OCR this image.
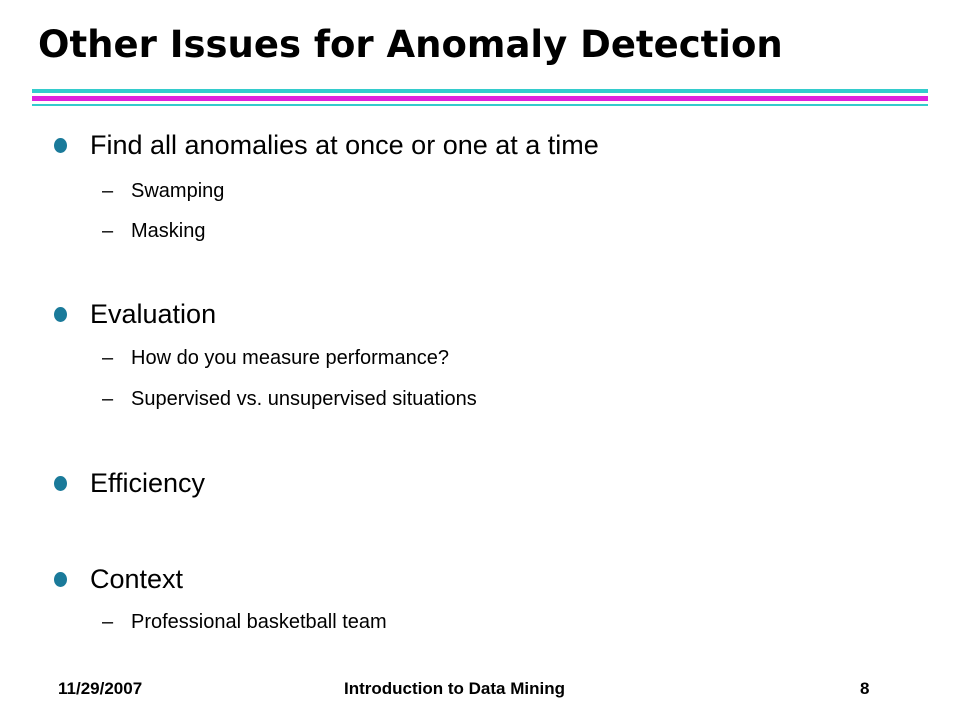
Other Issues for Anomaly Detection
Find all anomalies at once or one at a time
– Swamping
– Masking
Evaluation
– How do you measure performance?
– Supervised vs. unsupervised situations
Efficiency
Context
– Professional basketball team
11/29/2007	Introduction to Data Mining	8
